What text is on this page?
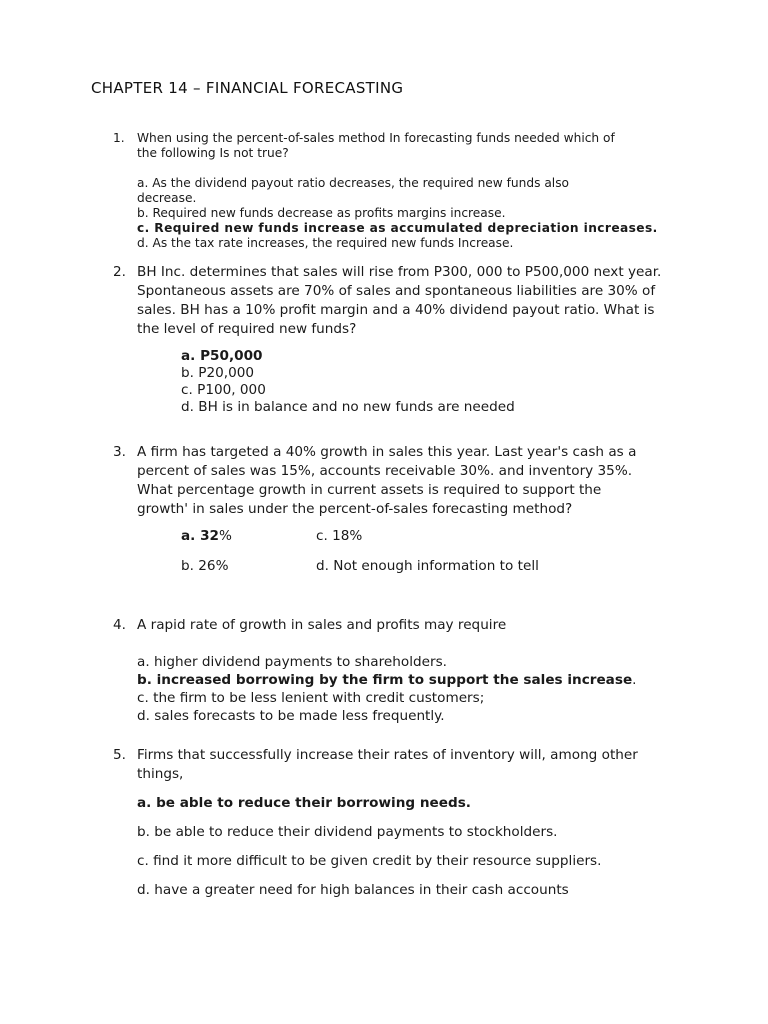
CHAPTER 14 – FINANCIAL FORECASTING
1. When using the percent-of-sales method In forecasting funds needed which of
the following Is not true?
a. As the dividend payout ratio decreases, the required new funds also
decrease.
b. Required new funds decrease as profits margins increase.
c. Required new funds increase as accumulated depreciation increases.
d. As the tax rate increases, the required new funds Increase.
2. BH Inc. determines that sales will rise from P300, 000 to P500,000 next year.
Spontaneous assets are 70% of sales and spontaneous liabilities are 30% of
sales. BH has a 10% profit margin and a 40% dividend payout ratio. What is
the level of required new funds?
a. P50,000
b. P20,000
c. P100, 000
d. BH is in balance and no new funds are needed
3. A firm has targeted a 40% growth in sales this year. Last year's cash as a
percent of sales was 15%, accounts receivable 30%. and inventory 35%.
What percentage growth in current assets is required to support the
growth' in sales under the percent-of-sales forecasting method?
a. 32%	c. 18%
b. 26%	d. Not enough information to tell
4. A rapid rate of growth in sales and profits may require
a. higher dividend payments to shareholders.
b. increased borrowing by the firm to support the sales increase.
c. the firm to be less lenient with credit customers;
d. sales forecasts to be made less frequently.
5. Firms that successfully increase their rates of inventory will, among other
things,
a. be able to reduce their borrowing needs.
b. be able to reduce their dividend payments to stockholders.
c. find it more difficult to be given credit by their resource suppliers.
d. have a greater need for high balances in their cash accounts
